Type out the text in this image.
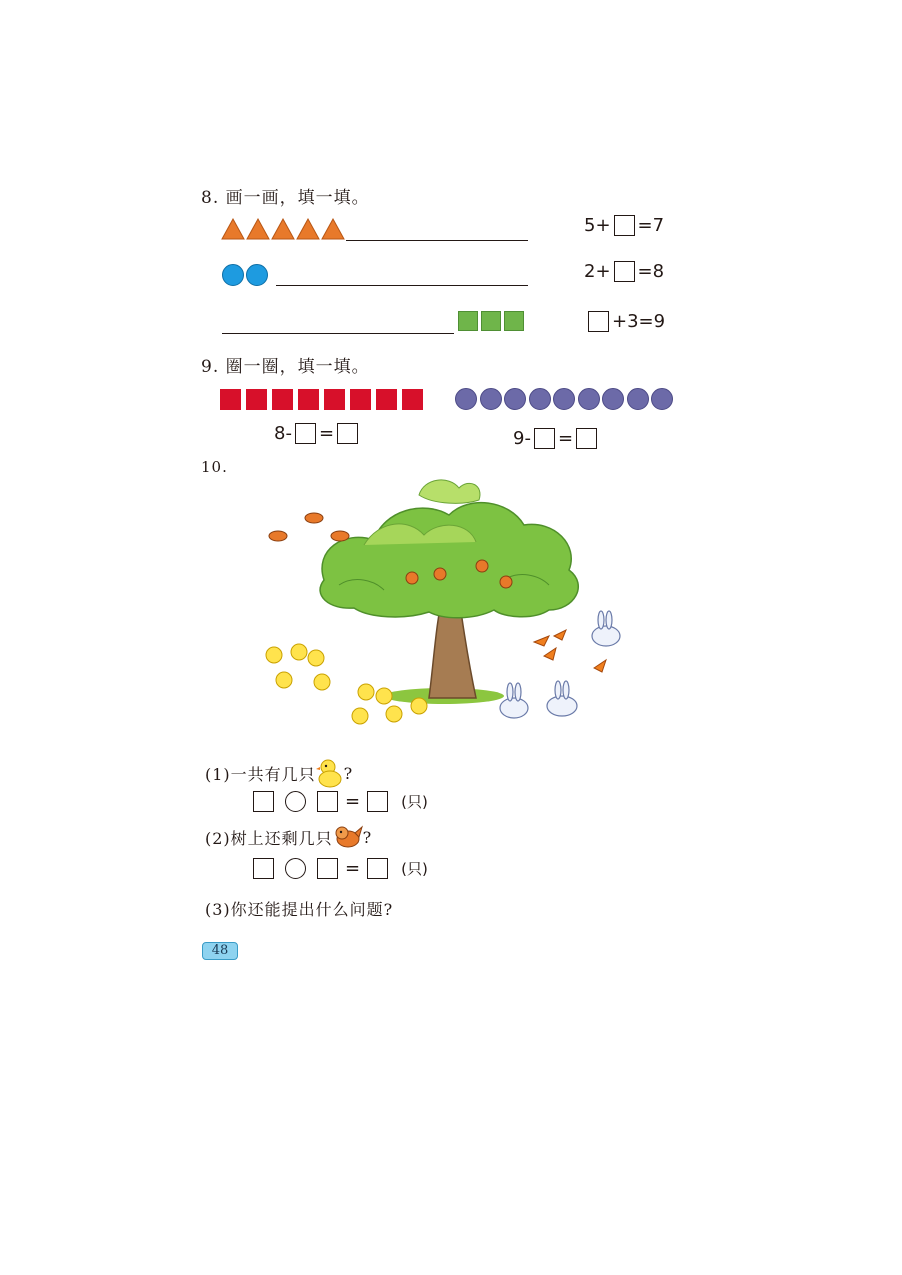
8. 画一画，填一填。
5+ =7
2+ =8
+3=9
9. 圈一圈，填一填。
8- =	9- =
10.
(1)一共有几只 ?
=	(只)
(2)树上还剩几只 ?
=	(只)
(3)你还能提出什么问题?
48
